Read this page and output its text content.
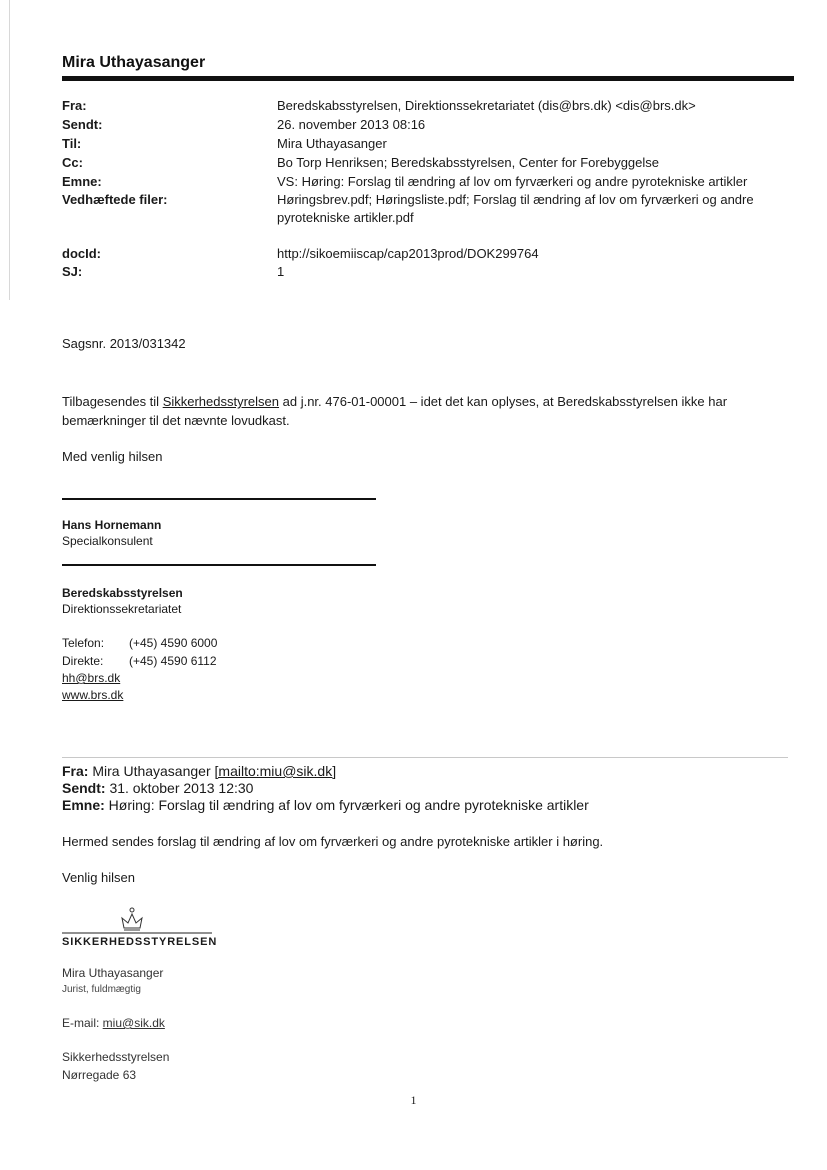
Mira Uthayasanger
Fra:	Beredskabsstyrelsen, Direktionssekretariatet (dis@brs.dk) <dis@brs.dk>
Sendt:	26. november 2013 08:16
Til:	Mira Uthayasanger
Cc:	Bo Torp Henriksen; Beredskabsstyrelsen, Center for Forebyggelse
Emne:	VS: Høring: Forslag til ændring af lov om fyrværkeri og andre pyrotekniske artikler
Vedhæftede filer:	Høringsbrev.pdf; Høringsliste.pdf; Forslag til ændring af lov om fyrværkeri og andre
pyrotekniske artikler.pdf
docId:	http://sikoemiiscap/cap2013prod/DOK299764
SJ:	1
Sagsnr. 2013/031342
Tilbagesendes til Sikkerhedsstyrelsen ad j.nr. 476-01-00001 – idet det kan oplyses, at Beredskabsstyrelsen ikke har
bemærkninger til det nævnte lovudkast.
Med venlig hilsen
Hans Hornemann
Specialkonsulent
Beredskabsstyrelsen
Direktionssekretariatet
Telefon: (+45) 4590 6000
Direkte: (+45) 4590 6112
hh@brs.dk
www.brs.dk
Fra: Mira Uthayasanger [mailto:miu@sik.dk]
Sendt: 31. oktober 2013 12:30
Emne: Høring: Forslag til ændring af lov om fyrværkeri og andre pyrotekniske artikler
Hermed sendes forslag til ændring af lov om fyrværkeri og andre pyrotekniske artikler i høring.
Venlig hilsen
SIKKERHEDSSTYRELSEN
Mira Uthayasanger
Jurist, fuldmægtig
E-mail: miu@sik.dk
Sikkerhedsstyrelsen
Nørregade 63
1
